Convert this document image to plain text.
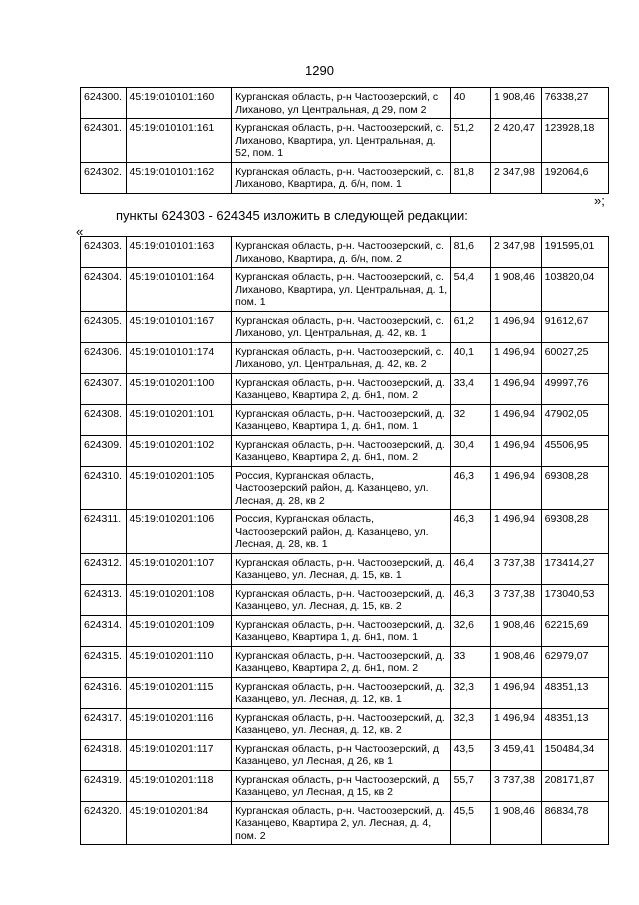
1290
624300.	45:19:010101:160	Курганская область, р-н Частоозерский, с Лиханово, ул Центральная, д 29, пом 2	40	1 908,46	76338,27
624301.	45:19:010101:161	Курганская область, р-н. Частоозерский, с. Лиханово, Квартира, ул. Центральная, д. 52, пом. 1	51,2	2 420,47	123928,18
624302.	45:19:010101:162	Курганская область, р-н. Частоозерский, с. Лиханово, Квартира, д. б/н, пом. 1	81,8	2 347,98	192064,6
»;
пункты 624303 - 624345 изложить в следующей редакции:
«
624303.	45:19:010101:163	Курганская область, р-н. Частоозерский, с. Лиханово, Квартира, д. б/н, пом. 2	81,6	2 347,98	191595,01
624304.	45:19:010101:164	Курганская область, р-н. Частоозерский, с. Лиханово, Квартира, ул. Центральная, д. 1, пом. 1	54,4	1 908,46	103820,04
624305.	45:19:010101:167	Курганская область, р-н. Частоозерский, с. Лиханово, ул. Центральная, д. 42, кв. 1	61,2	1 496,94	91612,67
624306.	45:19:010101:174	Курганская область, р-н. Частоозерский, с. Лиханово, ул. Центральная, д. 42, кв. 2	40,1	1 496,94	60027,25
624307.	45:19:010201:100	Курганская область, р-н. Частоозерский, д. Казанцево, Квартира 2, д. бн1, пом. 2	33,4	1 496,94	49997,76
624308.	45:19:010201:101	Курганская область, р-н. Частоозерский, д. Казанцево, Квартира 1, д. бн1, пом. 1	32	1 496,94	47902,05
624309.	45:19:010201:102	Курганская область, р-н. Частоозерский, д. Казанцево, Квартира 2, д. бн1, пом. 2	30,4	1 496,94	45506,95
624310.	45:19:010201:105	Россия, Курганская область, Частоозерский район, д. Казанцево, ул. Лесная, д. 28, кв 2	46,3	1 496,94	69308,28
624311.	45:19:010201:106	Россия, Курганская область, Частоозерский район, д. Казанцево, ул. Лесная, д. 28, кв. 1	46,3	1 496,94	69308,28
624312.	45:19:010201:107	Курганская область, р-н. Частоозерский, д. Казанцево, ул. Лесная, д. 15, кв. 1	46,4	3 737,38	173414,27
624313.	45:19:010201:108	Курганская область, р-н. Частоозерский, д. Казанцево, ул. Лесная, д. 15, кв. 2	46,3	3 737,38	173040,53
624314.	45:19:010201:109	Курганская область, р-н. Частоозерский, д. Казанцево, Квартира 1, д. бн1, пом. 1	32,6	1 908,46	62215,69
624315.	45:19:010201:110	Курганская область, р-н. Частоозерский, д. Казанцево, Квартира 2, д. бн1, пом. 2	33	1 908,46	62979,07
624316.	45:19:010201:115	Курганская область, р-н. Частоозерский, д. Казанцево, ул. Лесная, д. 12, кв. 1	32,3	1 496,94	48351,13
624317.	45:19:010201:116	Курганская область, р-н. Частоозерский, д. Казанцево, ул. Лесная, д. 12, кв. 2	32,3	1 496,94	48351,13
624318.	45:19:010201:117	Курганская область, р-н Частоозерский, д Казанцево, ул Лесная, д 26, кв 1	43,5	3 459,41	150484,34
624319.	45:19:010201:118	Курганская область, р-н Частоозерский, д Казанцево, ул Лесная, д 15, кв 2	55,7	3 737,38	208171,87
624320.	45:19:010201:84	Курганская область, р-н. Частоозерский, д. Казанцево, Квартира 2, ул. Лесная, д. 4, пом. 2	45,5	1 908,46	86834,78
